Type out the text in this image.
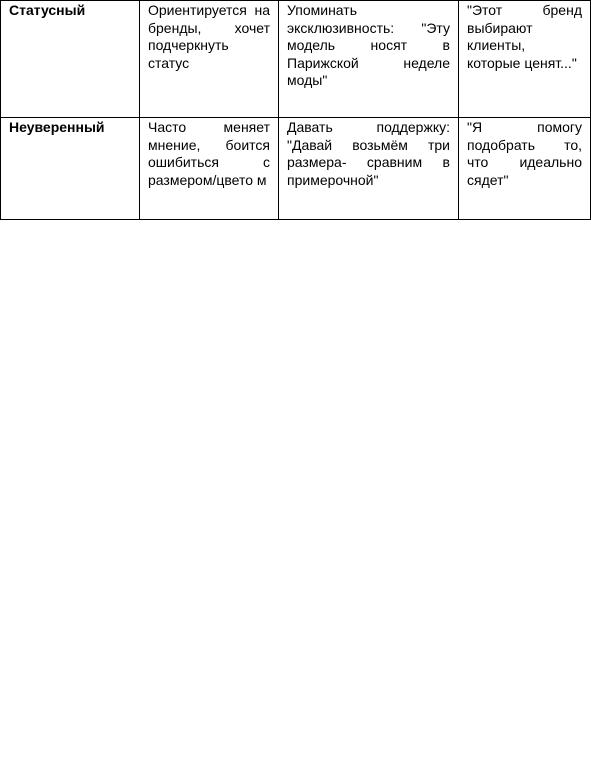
Статусный	Ориентируется на бренды, хочет подчеркнуть статус	Упоминать эксклюзивность: "Эту модель носят в Парижской неделе моды"	"Этот бренд выбирают клиенты, которые ценят..."
Неуверенный	Часто меняет мнение, боится ошибиться с размером/цвето м	Давать поддержку: "Давай возьмём три размера- сравним в примерочной"	"Я помогу подобрать то, что идеально сядет"
